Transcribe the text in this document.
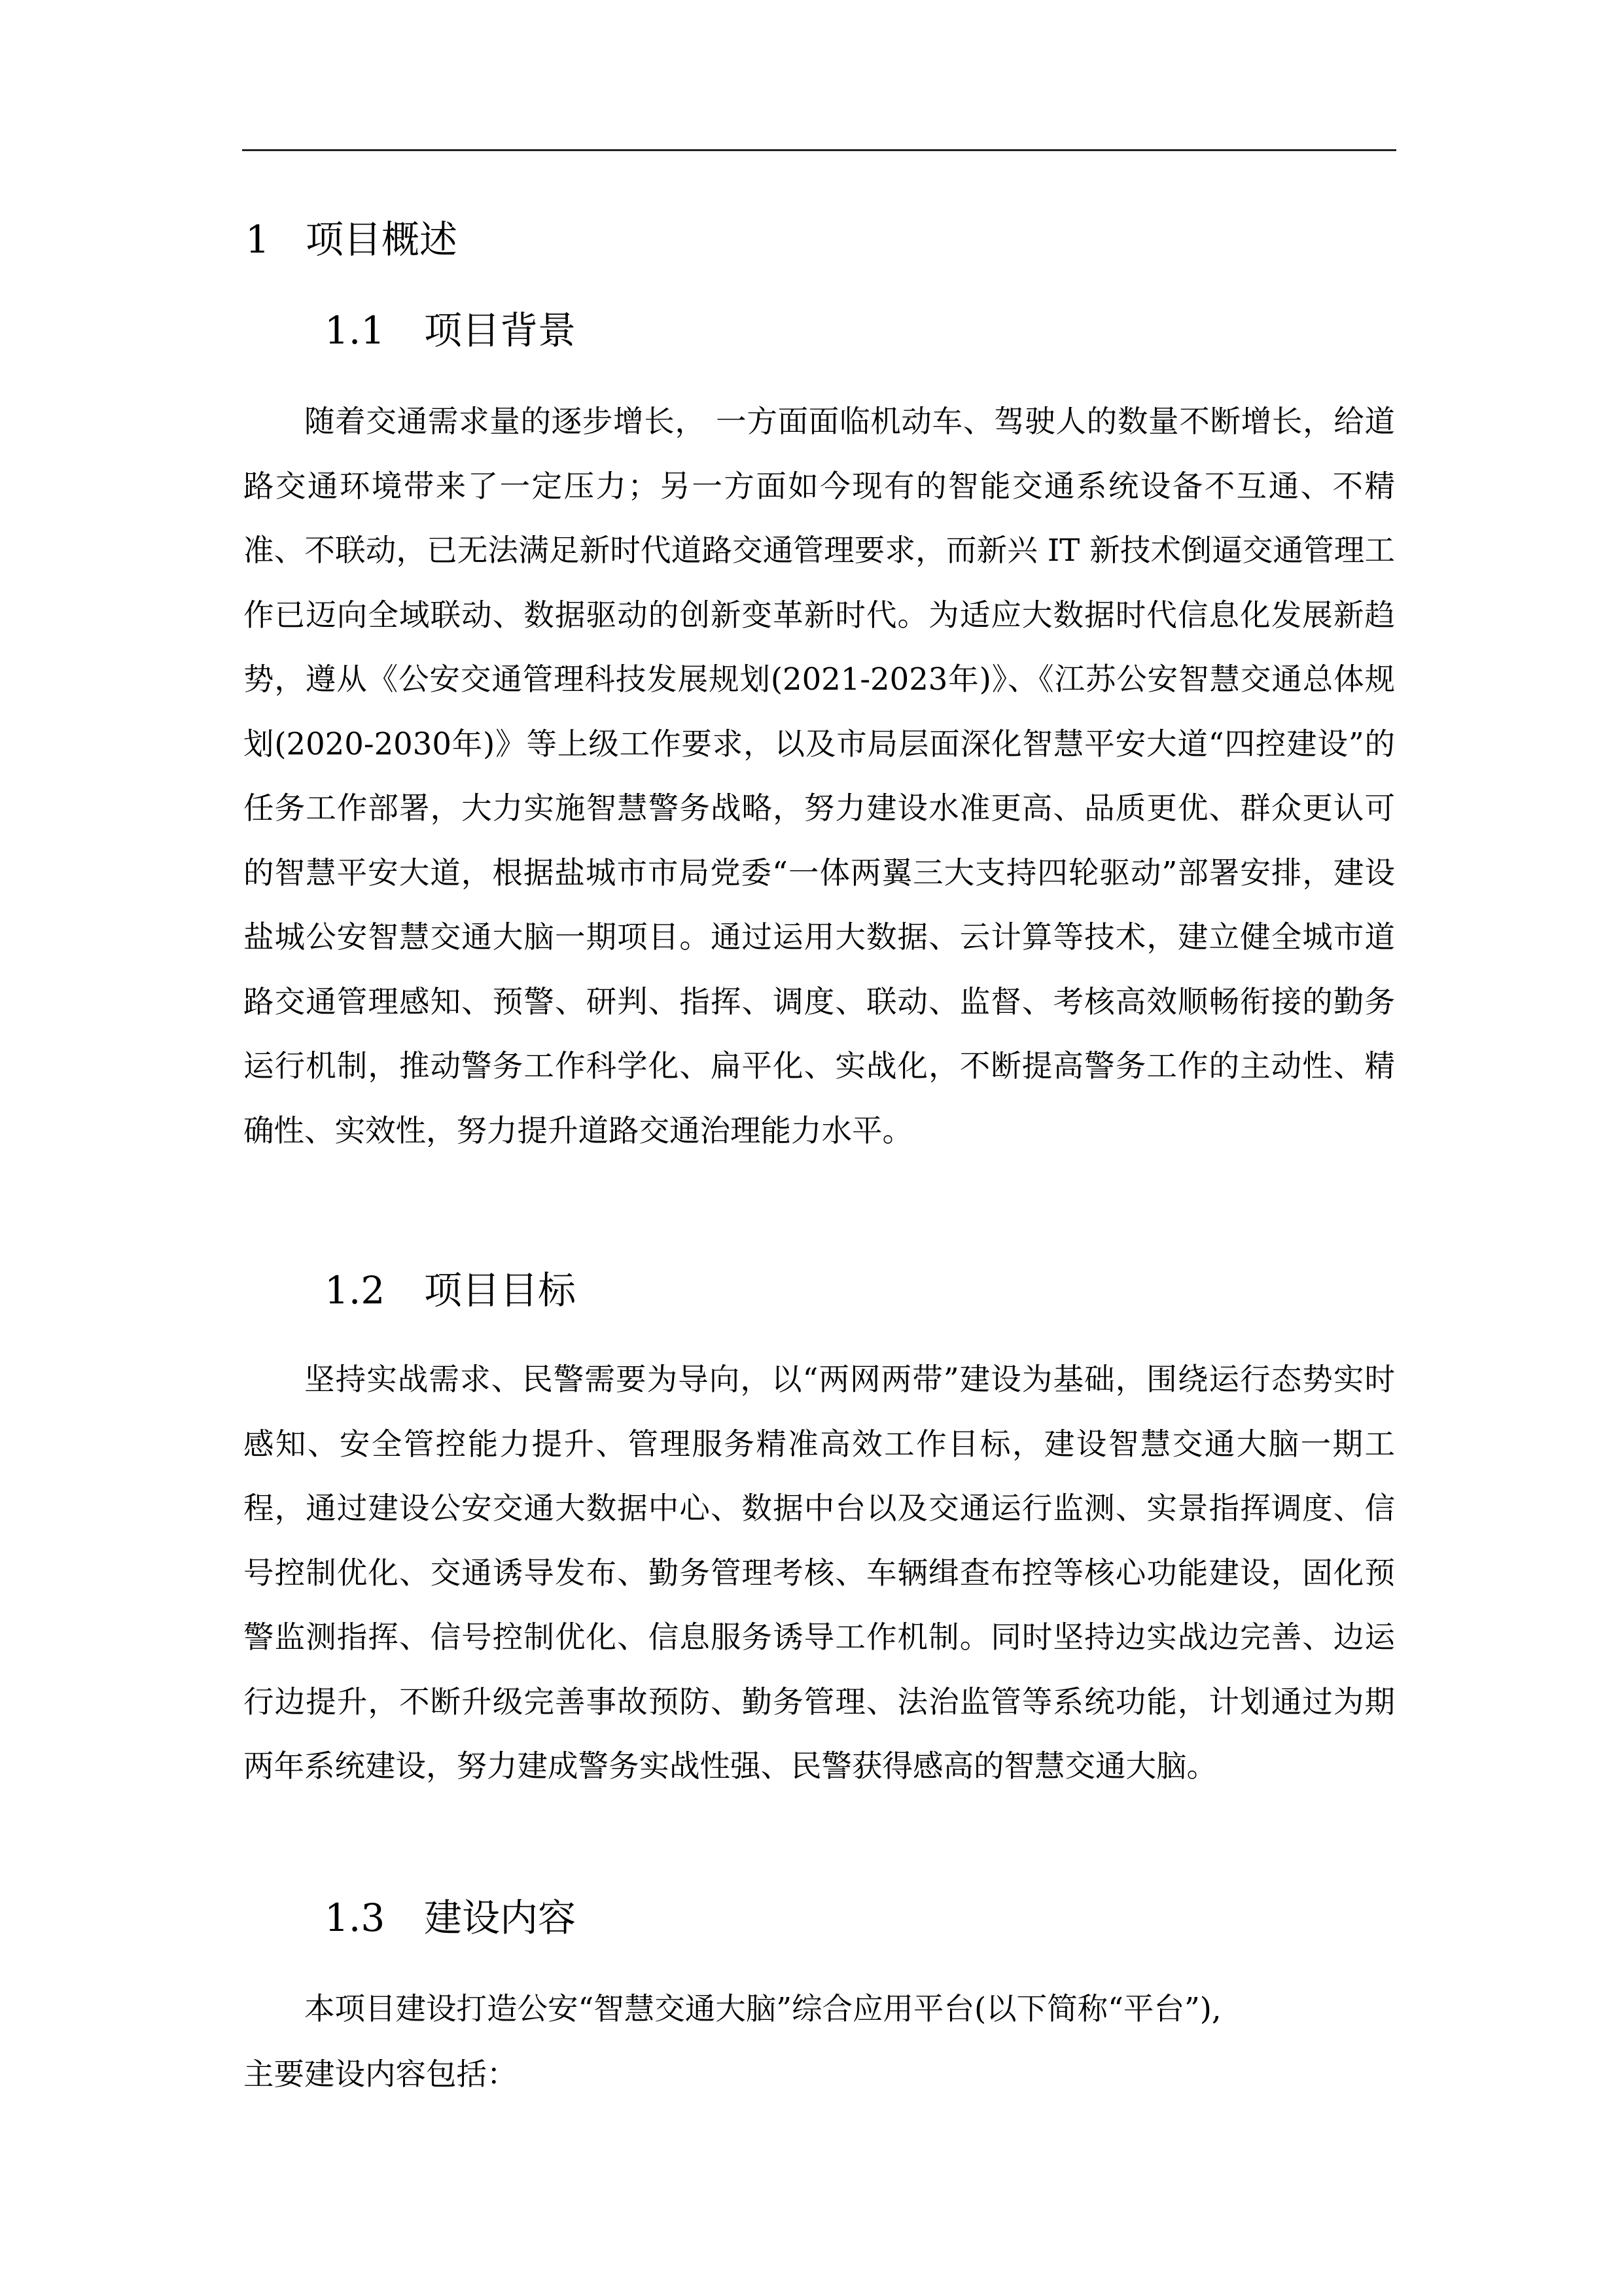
1 项目概述
1.1 项目背景

随着交通需求量的逐步增长， 一方面面临机动车、驾驶人的数量不断增长，给道路交通环境带来了一定压力；另一方面如今现有的智能交通系统设备不互通、不精准、不联动，已无法满足新时代道路交通管理要求，而新兴 IT 新技术倒逼交通管理工作已迈向全域联动、数据驱动的创新变革新时代。为适应大数据时代信息化发展新趋势，遵从《公安交通管理科技发展规划(2021-2023年)》、《江苏公安智慧交通总体规划(2020-2030年)》等上级工作要求，以及市局层面深化智慧平安大道“四控建设”的任务工作部署，大力实施智慧警务战略，努力建设水准更高、品质更优、群众更认可的智慧平安大道，根据盐城市市局党委“一体两翼三大支持四轮驱动”部署安排，建设盐城公安智慧交通大脑一期项目。通过运用大数据、云计算等技术，建立健全城市道路交通管理感知、预警、研判、指挥、调度、联动、监督、考核高效顺畅衔接的勤务运行机制，推动警务工作科学化、扁平化、实战化，不断提高警务工作的主动性、精确性、实效性，努力提升道路交通治理能力水平。

1.2 项目目标

坚持实战需求、民警需要为导向，以“两网两带”建设为基础，围绕运行态势实时感知、安全管控能力提升、管理服务精准高效工作目标，建设智慧交通大脑一期工程，通过建设公安交通大数据中心、数据中台以及交通运行监测、实景指挥调度、信号控制优化、交通诱导发布、勤务管理考核、车辆缉查布控等核心功能建设，固化预警监测指挥、信号控制优化、信息服务诱导工作机制。同时坚持边实战边完善、边运行边提升，不断升级完善事故预防、勤务管理、法治监管等系统功能，计划通过为期两年系统建设，努力建成警务实战性强、民警获得感高的智慧交通大脑。

1.3 建设内容

本项目建设打造公安“智慧交通大脑”综合应用平台(以下简称“平台”),
主要建设内容包括：
